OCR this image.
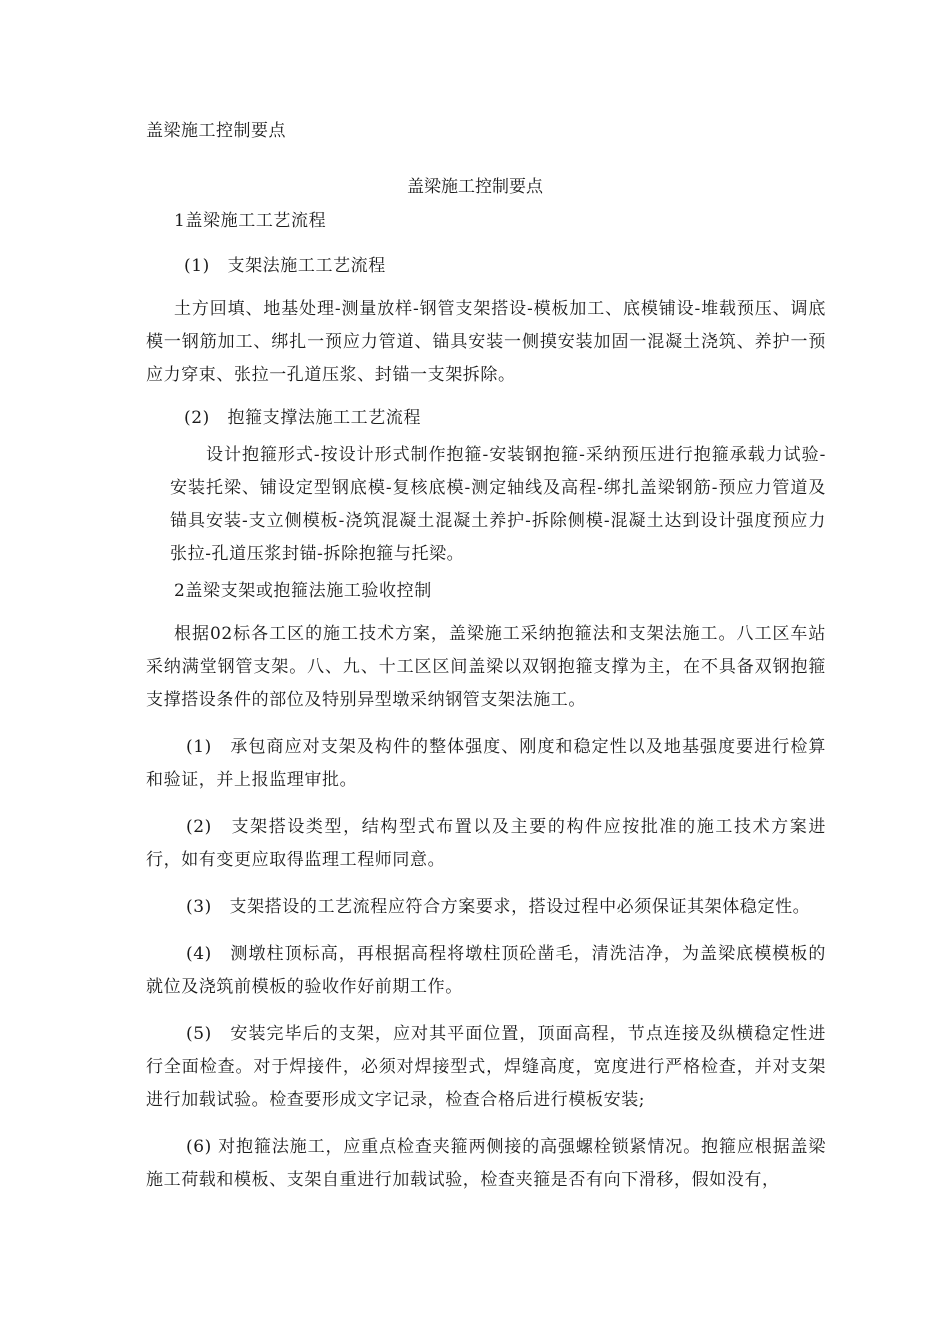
盖梁施工控制要点
盖梁施工控制要点

1盖梁施工工艺流程

(1)　支架法施工工艺流程

土方回填、地基处理-测量放样-钢管支架搭设-模板加工、底模铺设-堆载预压、调底模一钢筋加工、绑扎一预应力管道、锚具安装一侧摸安装加固一混凝土浇筑、养护一预应力穿束、张拉一孔道压浆、封锚一支架拆除。

(2)　抱箍支撑法施工工艺流程

设计抱箍形式-按设计形式制作抱箍-安装钢抱箍-采纳预压进行抱箍承载力试验-安装托梁、铺设定型钢底模-复核底模-测定轴线及高程-绑扎盖梁钢筋-预应力管道及锚具安装-支立侧模板-浇筑混凝土混凝土养护-拆除侧模-混凝土达到设计强度预应力张拉-孔道压浆封锚-拆除抱箍与托梁。

2盖梁支架或抱箍法施工验收控制

根据02标各工区的施工技术方案，盖梁施工采纳抱箍法和支架法施工。八工区车站采纳满堂钢管支架。八、九、十工区区间盖梁以双钢抱箍支撑为主，在不具备双钢抱箍支撑搭设条件的部位及特别异型墩采纳钢管支架法施工。

(1)　承包商应对支架及构件的整体强度、刚度和稳定性以及地基强度要进行检算和验证，并上报监理审批。

(2)　支架搭设类型，结构型式布置以及主要的构件应按批准的施工技术方案进行，如有变更应取得监理工程师同意。

(3)　支架搭设的工艺流程应符合方案要求，搭设过程中必须保证其架体稳定性。

(4)　测墩柱顶标高，再根据高程将墩柱顶砼凿毛，清洗洁净，为盖梁底模模板的就位及浇筑前模板的验收作好前期工作。

(5)　安装完毕后的支架，应对其平面位置，顶面高程，节点连接及纵横稳定性进行全面检查。对于焊接件，必须对焊接型式，焊缝高度，宽度进行严格检查，并对支架进行加载试验。检查要形成文字记录，检查合格后进行模板安装;

(6) 对抱箍法施工，应重点检查夹箍两侧接的高强螺栓锁紧情况。抱箍应根据盖梁施工荷载和模板、支架自重进行加载试验，检查夹箍是否有向下滑移，假如没有，
